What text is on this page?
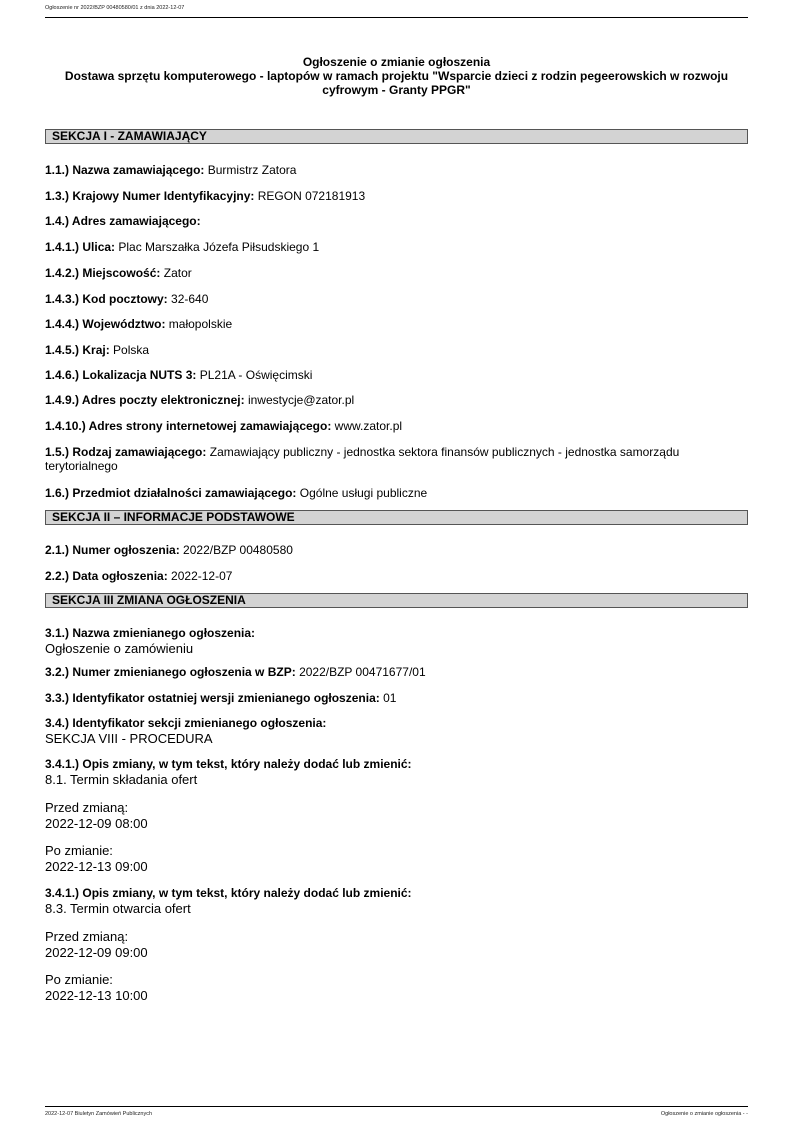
Ogłoszenie nr 2022/BZP 00480580/01 z dnia 2022-12-07
Ogłoszenie o zmianie ogłoszenia
Dostawa sprzętu komputerowego - laptopów w ramach projektu "Wsparcie dzieci z rodzin pegeerowskich w rozwoju cyfrowym - Granty PPGR"
SEKCJA I - ZAMAWIAJĄCY
1.1.) Nazwa zamawiającego: Burmistrz Zatora
1.3.) Krajowy Numer Identyfikacyjny: REGON 072181913
1.4.) Adres zamawiającego:
1.4.1.) Ulica: Plac Marszałka Józefa Piłsudskiego 1
1.4.2.) Miejscowość: Zator
1.4.3.) Kod pocztowy: 32-640
1.4.4.) Województwo: małopolskie
1.4.5.) Kraj: Polska
1.4.6.) Lokalizacja NUTS 3: PL21A - Oświęcimski
1.4.9.) Adres poczty elektronicznej: inwestycje@zator.pl
1.4.10.) Adres strony internetowej zamawiającego: www.zator.pl
1.5.) Rodzaj zamawiającego: Zamawiający publiczny - jednostka sektora finansów publicznych - jednostka samorządu terytorialnego
1.6.) Przedmiot działalności zamawiającego: Ogólne usługi publiczne
SEKCJA II – INFORMACJE PODSTAWOWE
2.1.) Numer ogłoszenia: 2022/BZP 00480580
2.2.) Data ogłoszenia: 2022-12-07
SEKCJA III ZMIANA OGŁOSZENIA
3.1.) Nazwa zmienianego ogłoszenia:
Ogłoszenie o zamówieniu
3.2.) Numer zmienianego ogłoszenia w BZP: 2022/BZP 00471677/01
3.3.) Identyfikator ostatniej wersji zmienianego ogłoszenia: 01
3.4.) Identyfikator sekcji zmienianego ogłoszenia:
SEKCJA VIII - PROCEDURA
3.4.1.) Opis zmiany, w tym tekst, który należy dodać lub zmienić:
8.1. Termin składania ofert
Przed zmianą:
2022-12-09 08:00
Po zmianie:
2022-12-13 09:00
3.4.1.) Opis zmiany, w tym tekst, który należy dodać lub zmienić:
8.3. Termin otwarcia ofert
Przed zmianą:
2022-12-09 09:00
Po zmianie:
2022-12-13 10:00
2022-12-07 Biuletyn Zamówień Publicznych	Ogłoszenie o zmianie ogłoszenia - -
